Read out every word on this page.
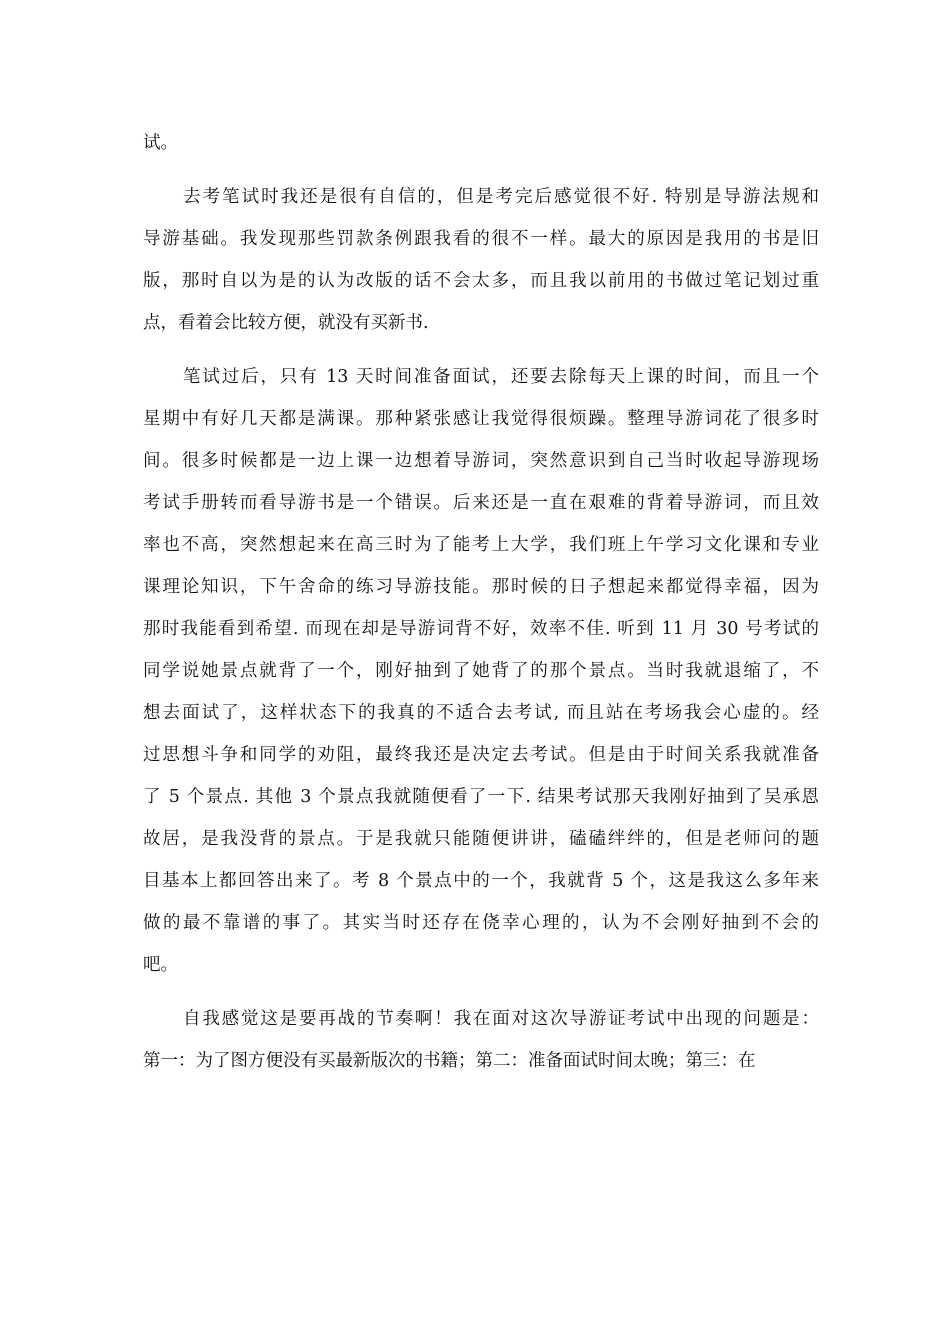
试。
去考笔试时我还是很有自信的，但是考完后感觉很不好. 特别是导游法规和
导游基础。我发现那些罚款条例跟我看的很不一样。最大的原因是我用的书是旧
版，那时自以为是的认为改版的话不会太多，而且我以前用的书做过笔记划过重
点，看着会比较方便，就没有买新书.
笔试过后，只有 13 天时间准备面试，还要去除每天上课的时间，而且一个
星期中有好几天都是满课。那种紧张感让我觉得很烦躁。整理导游词花了很多时
间。很多时候都是一边上课一边想着导游词，突然意识到自己当时收起导游现场
考试手册转而看导游书是一个错误。后来还是一直在艰难的背着导游词，而且效
率也不高，突然想起来在高三时为了能考上大学，我们班上午学习文化课和专业
课理论知识，下午舍命的练习导游技能。那时候的日子想起来都觉得幸福，因为
那时我能看到希望. 而现在却是导游词背不好，效率不佳. 听到 11 月 30 号考试的
同学说她景点就背了一个，刚好抽到了她背了的那个景点。当时我就退缩了，不
想去面试了，这样状态下的我真的不适合去考试, 而且站在考场我会心虚的。经
过思想斗争和同学的劝阻，最终我还是决定去考试。但是由于时间关系我就准备
了 5 个景点. 其他 3 个景点我就随便看了一下. 结果考试那天我刚好抽到了吴承恩
故居，是我没背的景点。于是我就只能随便讲讲，磕磕绊绊的，但是老师问的题
目基本上都回答出来了。考 8 个景点中的一个，我就背 5 个，这是我这么多年来
做的最不靠谱的事了。其实当时还存在侥幸心理的，认为不会刚好抽到不会的
吧。
自我感觉这是要再战的节奏啊！我在面对这次导游证考试中出现的问题是：
第一：为了图方便没有买最新版次的书籍；第二：准备面试时间太晚；第三：在
